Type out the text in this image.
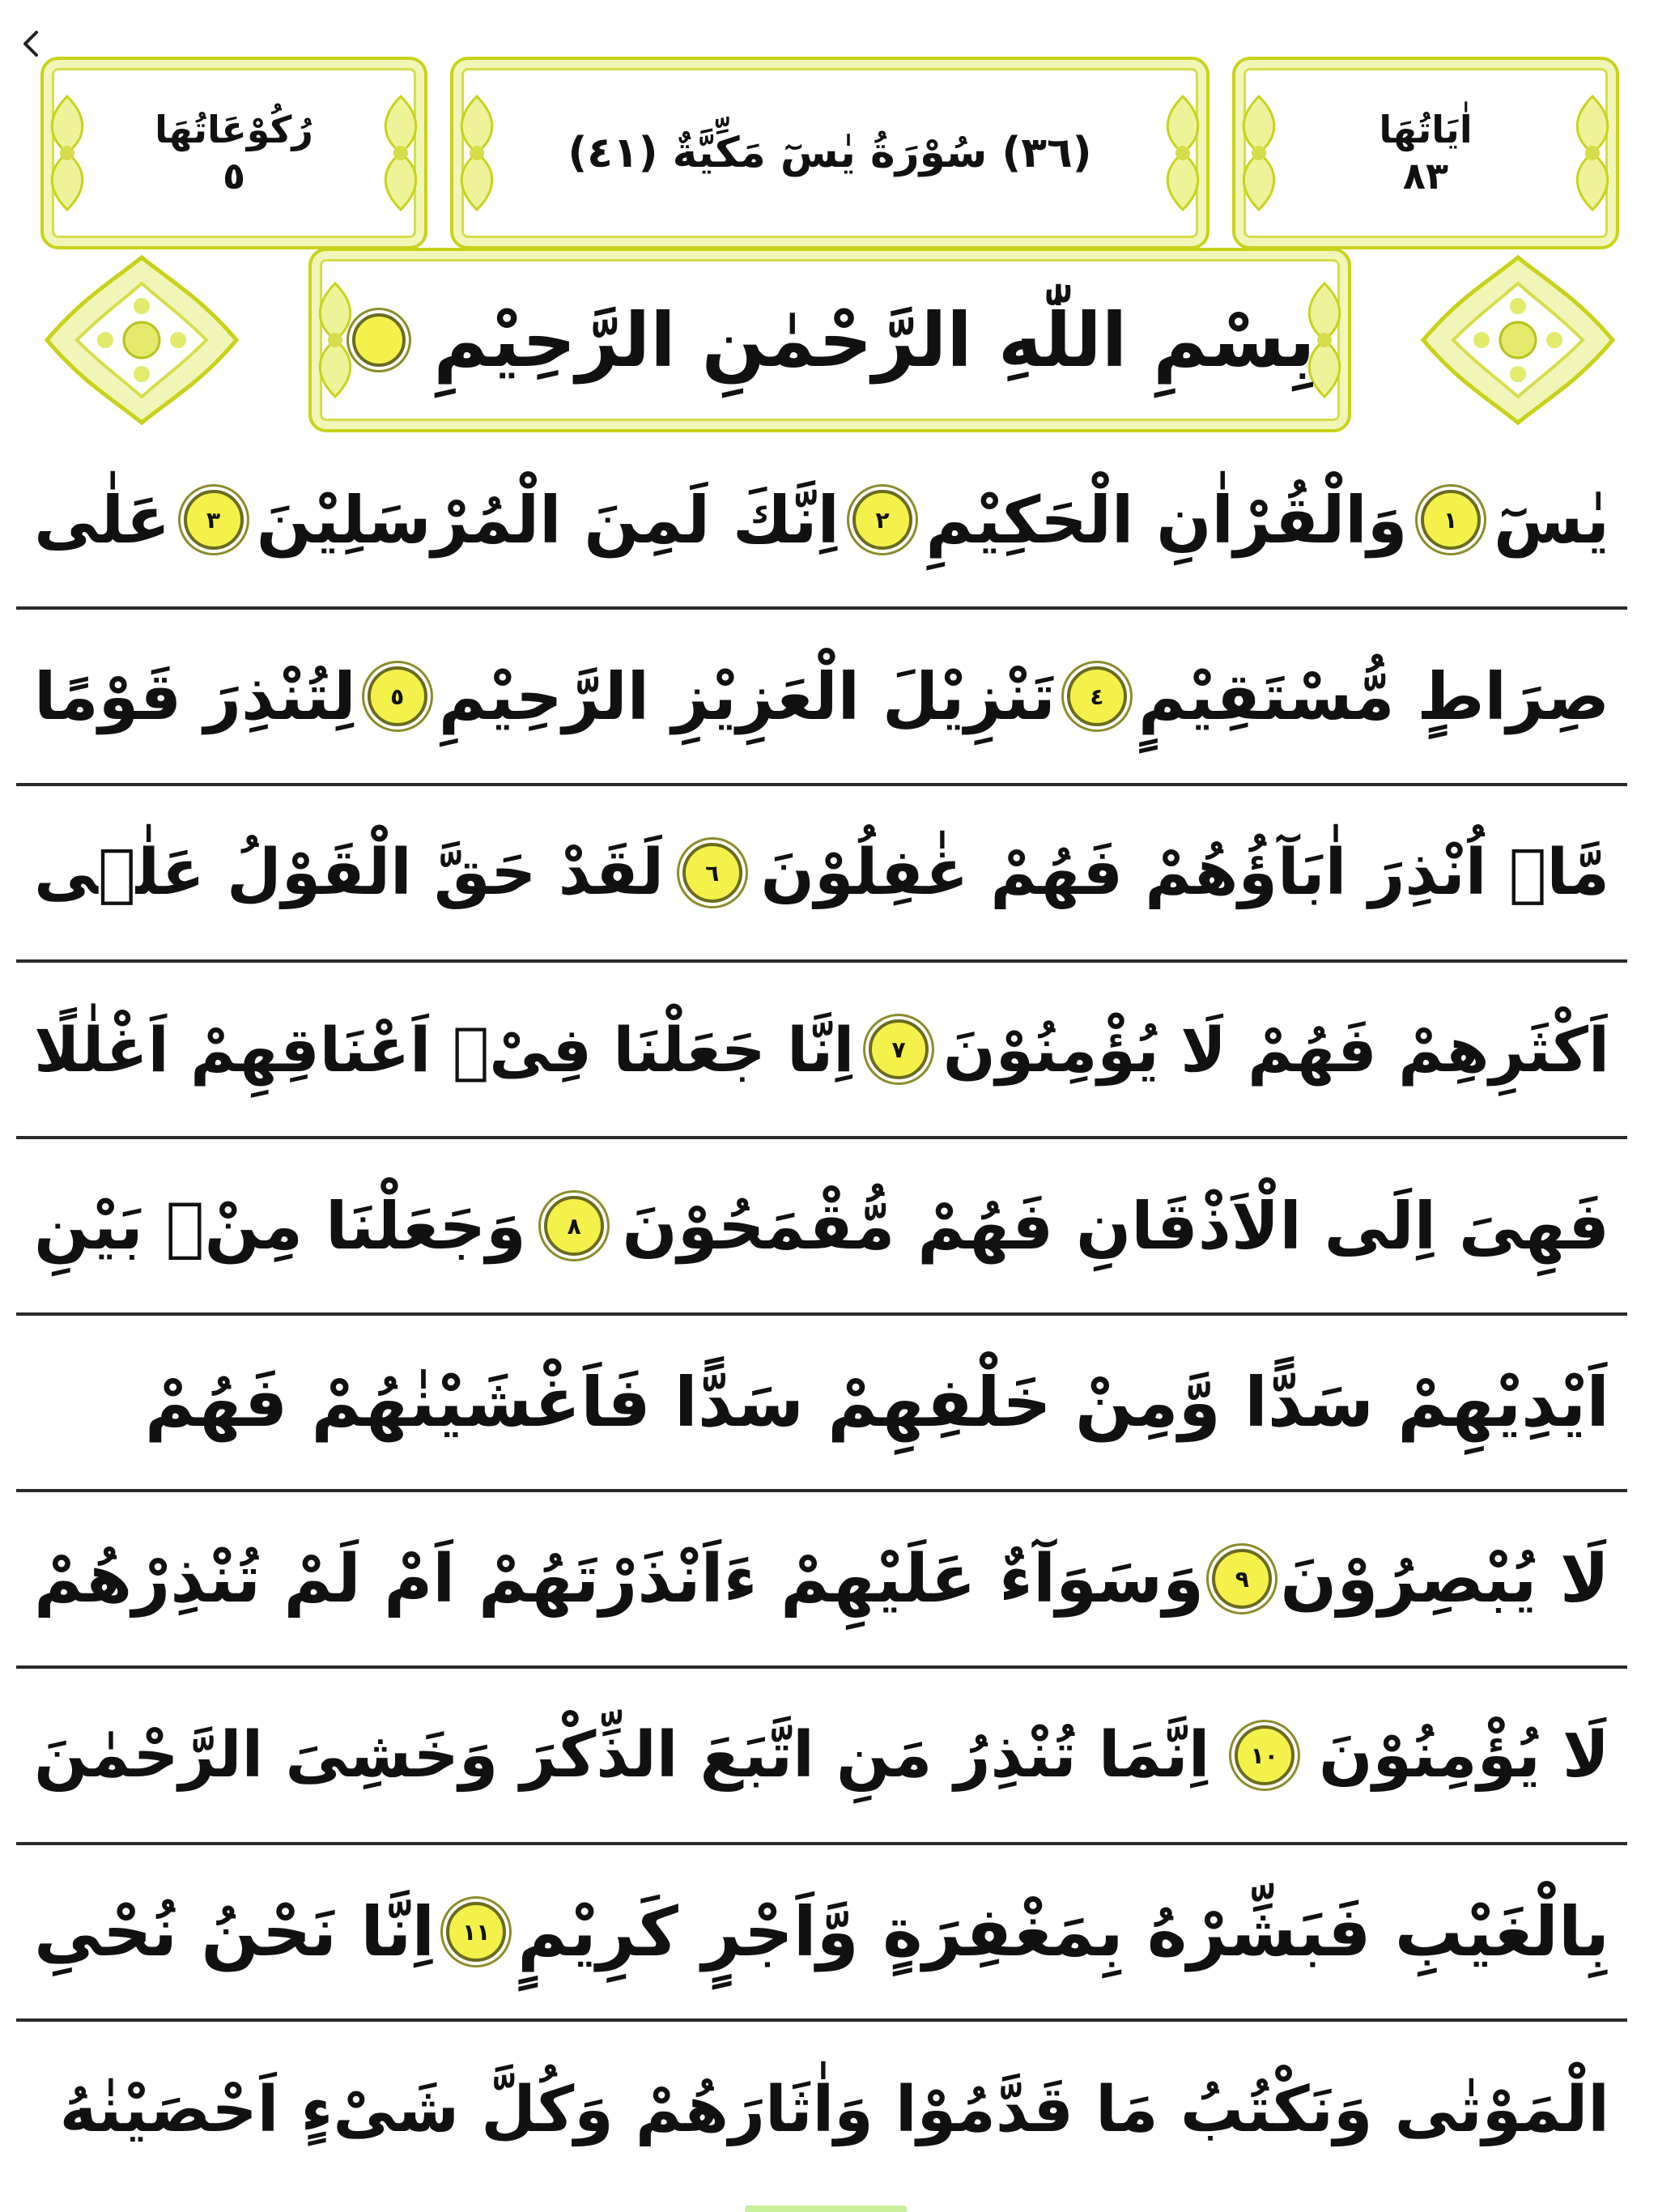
رُكُوْعَاتُهَا
٥	(٣٦) سُوْرَةُ یٰسٓ مَكِّیَّةٌ (٤١)	اٰیَاتُهَا
٨٣
بِسْمِ اللّٰهِ الرَّحْمٰنِ الرَّحِیْمِ
یٰسٓ
١
وَالْقُرْاٰنِ الْحَكِیْمِ
٢
اِنَّكَ لَمِنَ الْمُرْسَلِیْنَ
٣
عَلٰی
صِرَاطٍ مُّسْتَقِیْمٍ
٤
تَنْزِیْلَ الْعَزِیْزِ الرَّحِیْمِ
٥
لِتُنْذِرَ قَوْمًا
مَّاۤ اُنْذِرَ اٰبَآؤُهُمْ فَهُمْ غٰفِلُوْنَ
٦
لَقَدْ حَقَّ الْقَوْلُ عَلٰۤی
اَكْثَرِهِمْ فَهُمْ لَا یُؤْمِنُوْنَ
٧
اِنَّا جَعَلْنَا فِیْۤ اَعْنَاقِهِمْ اَغْلٰلًا
فَهِیَ اِلَى الْاَذْقَانِ فَهُمْ مُّقْمَحُوْنَ
٨
وَجَعَلْنَا مِنْۢ بَیْنِ
اَیْدِیْهِمْ سَدًّا وَّمِنْ خَلْفِهِمْ سَدًّا فَاَغْشَیْنٰهُمْ فَهُمْ
لَا یُبْصِرُوْنَ
٩
وَسَوَآءٌ عَلَیْهِمْ ءَاَنْذَرْتَهُمْ اَمْ لَمْ تُنْذِرْهُمْ
لَا یُؤْمِنُوْنَ
١٠
اِنَّمَا تُنْذِرُ مَنِ اتَّبَعَ الذِّكْرَ وَخَشِیَ الرَّحْمٰنَ
بِالْغَیْبِ فَبَشِّرْهُ بِمَغْفِرَةٍ وَّاَجْرٍ كَرِیْمٍ
١١
اِنَّا نَحْنُ نُحْیِ
الْمَوْتٰی وَنَكْتُبُ مَا قَدَّمُوْا وَاٰثَارَهُمْ وَكُلَّ شَیْءٍ اَحْصَیْنٰهُ
